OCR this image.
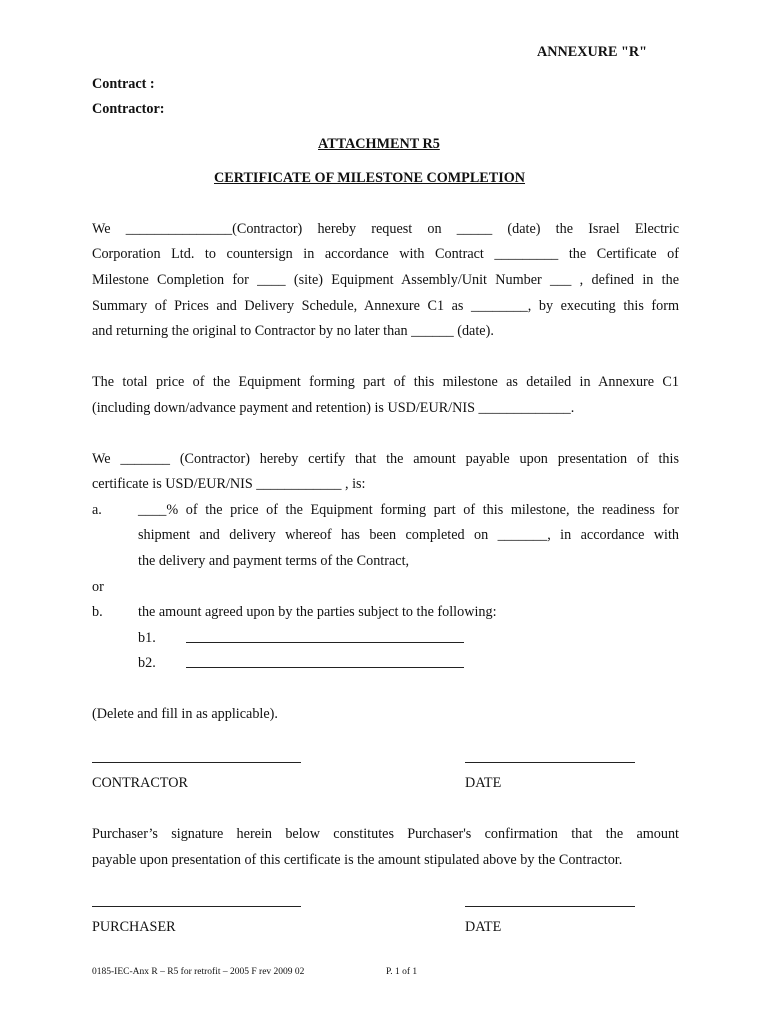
ANNEXURE "R"
Contract :
Contractor:
ATTACHMENT R5
CERTIFICATE OF MILESTONE COMPLETION
We _______________(Contractor) hereby request on _____ (date) the Israel Electric
Corporation Ltd. to countersign in accordance with Contract _________ the Certificate of
Milestone Completion for ____ (site) Equipment Assembly/Unit Number ___ , defined in the
Summary of Prices and Delivery Schedule, Annexure C1 as ________, by executing this form
and returning the original to Contractor by no later than ______ (date).
The total price of the Equipment forming part of this milestone as detailed in Annexure C1
(including down/advance payment and retention) is USD/EUR/NIS _____________.
We _______ (Contractor) hereby certify that the amount payable upon presentation of this
certificate is USD/EUR/NIS ____________ , is:
a.	____% of the price of the Equipment forming part of this milestone, the readiness for
shipment and delivery whereof has been completed on _______, in accordance with
the delivery and payment terms of the Contract,
or
b. the amount agreed upon by the parties subject to the following:
b1.
b2.
(Delete and fill in as applicable).
CONTRACTOR	DATE
Purchaser’s signature herein below constitutes Purchaser's confirmation that the amount
payable upon presentation of this certificate is the amount stipulated above by the Contractor.
PURCHASER	DATE
0185-IEC-Anx R – R5 for retrofit – 2005 F rev 2009 02	P. 1 of 1
